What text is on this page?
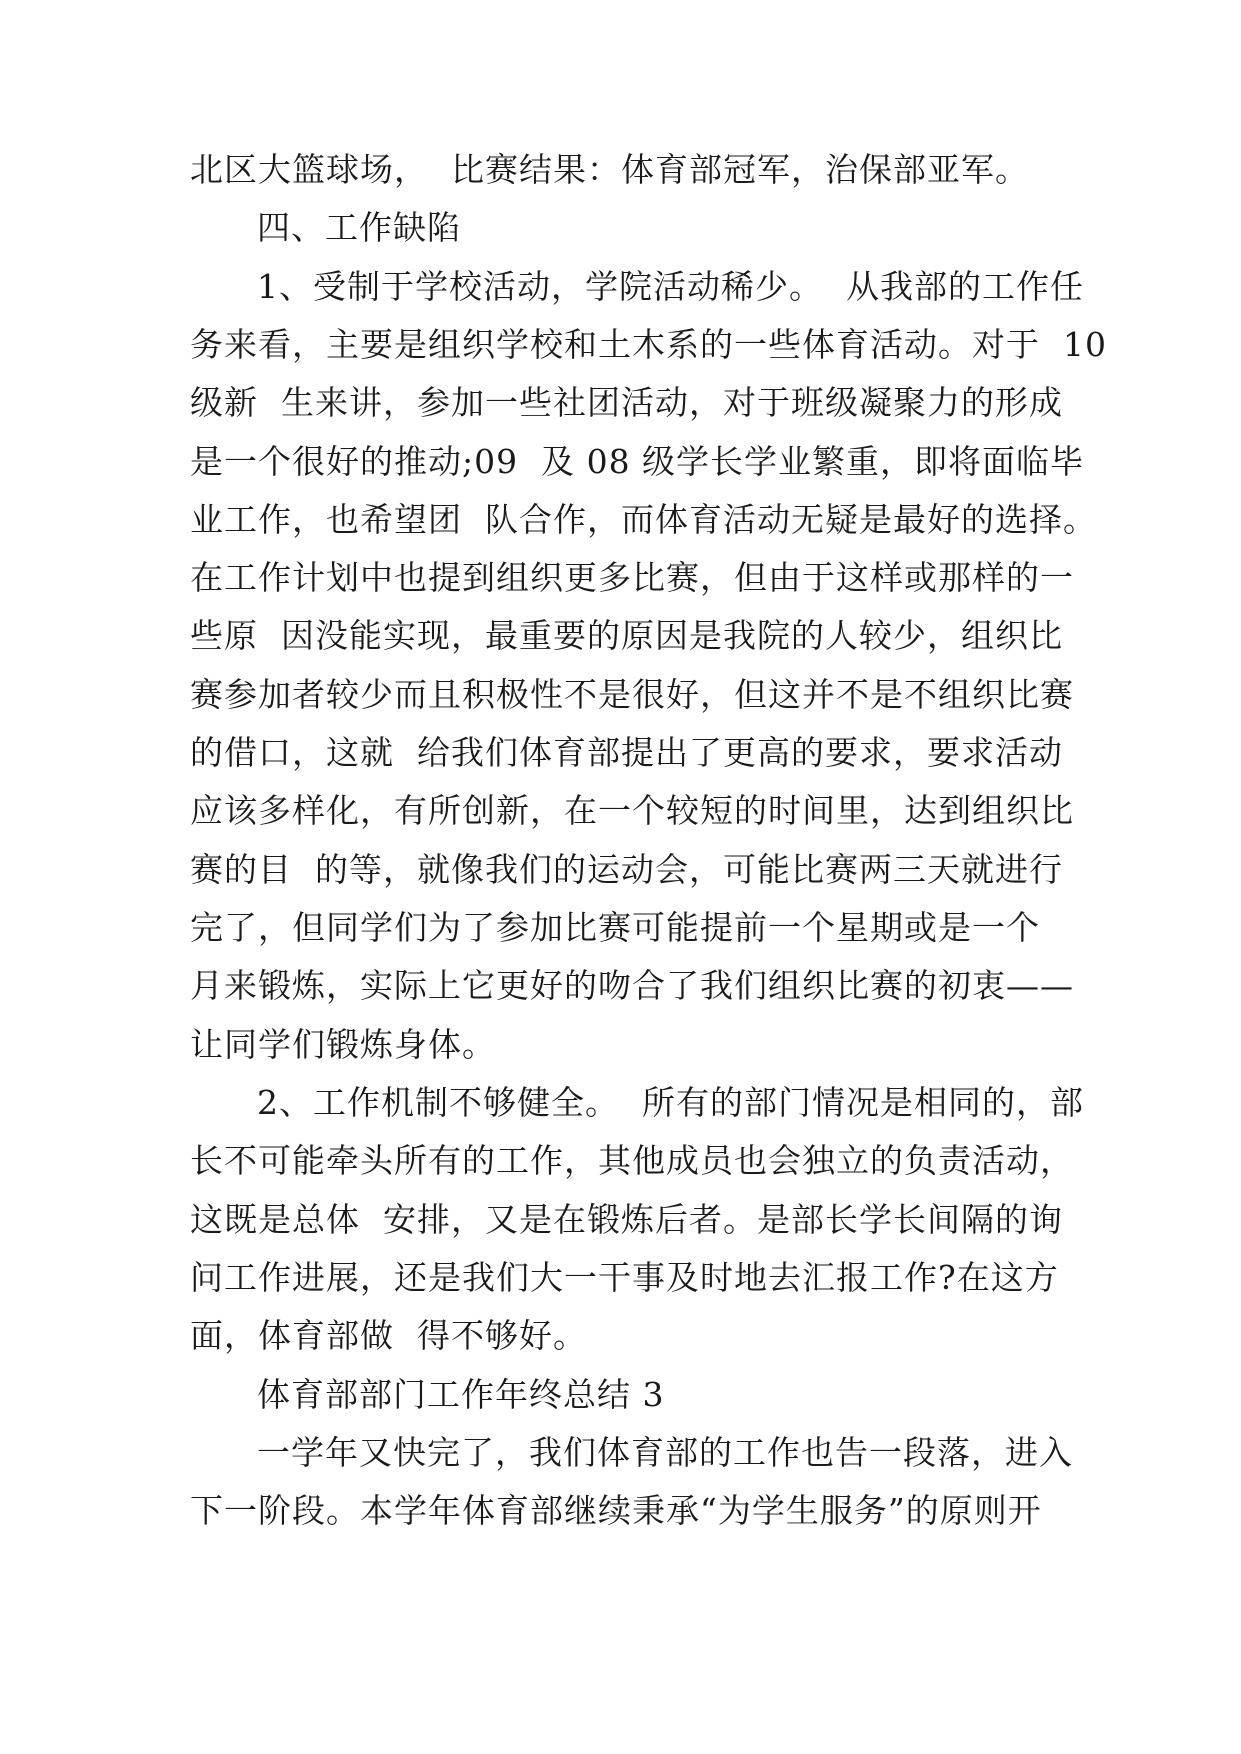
北区大篮球场，  比赛结果：体育部冠军，治保部亚军。
四、工作缺陷
1、受制于学校活动，学院活动稀少。  从我部的工作任
务来看，主要是组织学校和土木系的一些体育活动。对于  10
级新  生来讲，参加一些社团活动，对于班级凝聚力的形成
是一个很好的推动;09  及 08 级学长学业繁重，即将面临毕
业工作，也希望团  队合作，而体育活动无疑是最好的选择。
在工作计划中也提到组织更多比赛，但由于这样或那样的一
些原  因没能实现，最重要的原因是我院的人较少，组织比
赛参加者较少而且积极性不是很好，但这并不是不组织比赛
的借口，这就  给我们体育部提出了更高的要求，要求活动
应该多样化，有所创新，在一个较短的时间里，达到组织比
赛的目  的等，就像我们的运动会，可能比赛两三天就进行
完了，但同学们为了参加比赛可能提前一个星期或是一个
月来锻炼，实际上它更好的吻合了我们组织比赛的初衷——
让同学们锻炼身体。
2、工作机制不够健全。  所有的部门情况是相同的，部
长不可能牵头所有的工作，其他成员也会独立的负责活动，
这既是总体  安排，又是在锻炼后者。是部长学长间隔的询
问工作进展，还是我们大一干事及时地去汇报工作?在这方
面，体育部做  得不够好。
体育部部门工作年终总结 3
一学年又快完了，我们体育部的工作也告一段落，进入
下一阶段。本学年体育部继续秉承“为学生服务”的原则开
